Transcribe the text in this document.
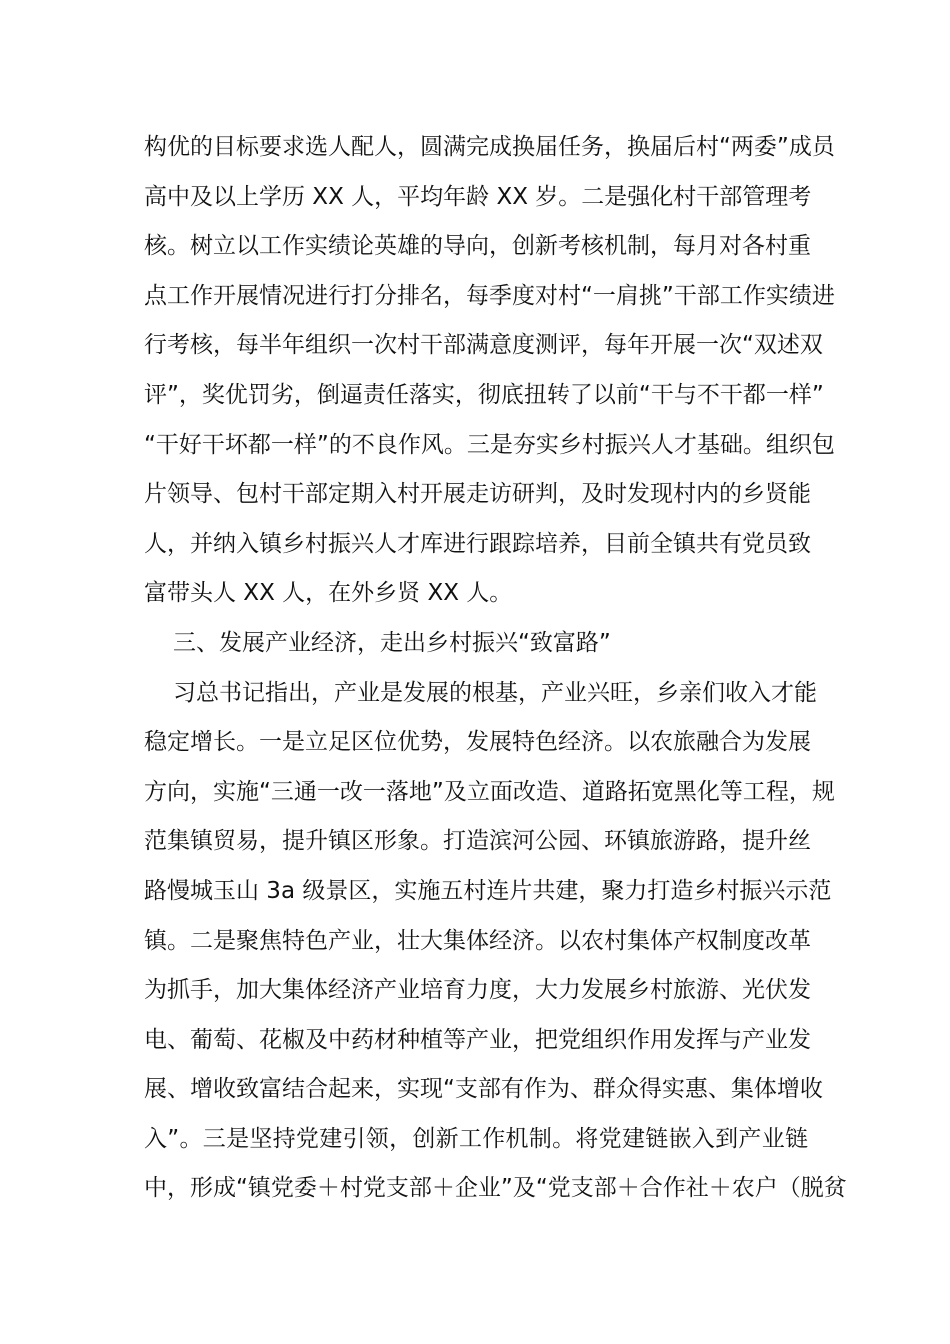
构优的目标要求选人配人，圆满完成换届任务，换届后村“两委”成员
高中及以上学历 XX 人，平均年龄 XX 岁。二是强化村干部管理考
核。树立以工作实绩论英雄的导向，创新考核机制，每月对各村重
点工作开展情况进行打分排名，每季度对村“一肩挑”干部工作实绩进
行考核，每半年组织一次村干部满意度测评，每年开展一次“双述双
评”，奖优罚劣，倒逼责任落实，彻底扭转了以前“干与不干都一样”
“干好干坏都一样”的不良作风。三是夯实乡村振兴人才基础。组织包
片领导、包村干部定期入村开展走访研判，及时发现村内的乡贤能
人，并纳入镇乡村振兴人才库进行跟踪培养，目前全镇共有党员致
富带头人 XX 人，在外乡贤 XX 人。
三、发展产业经济，走出乡村振兴“致富路”
习总书记指出，产业是发展的根基，产业兴旺，乡亲们收入才能
稳定增长。一是立足区位优势，发展特色经济。以农旅融合为发展
方向，实施“三通一改一落地”及立面改造、道路拓宽黑化等工程，规
范集镇贸易，提升镇区形象。打造滨河公园、环镇旅游路，提升丝
路慢城玉山 3a 级景区，实施五村连片共建，聚力打造乡村振兴示范
镇。二是聚焦特色产业，壮大集体经济。以农村集体产权制度改革
为抓手，加大集体经济产业培育力度，大力发展乡村旅游、光伏发
电、葡萄、花椒及中药材种植等产业，把党组织作用发挥与产业发
展、增收致富结合起来，实现“支部有作为、群众得实惠、集体增收
入”。三是坚持党建引领，创新工作机制。将党建链嵌入到产业链
中，形成“镇党委＋村党支部＋企业”及“党支部＋合作社＋农户（脱贫
